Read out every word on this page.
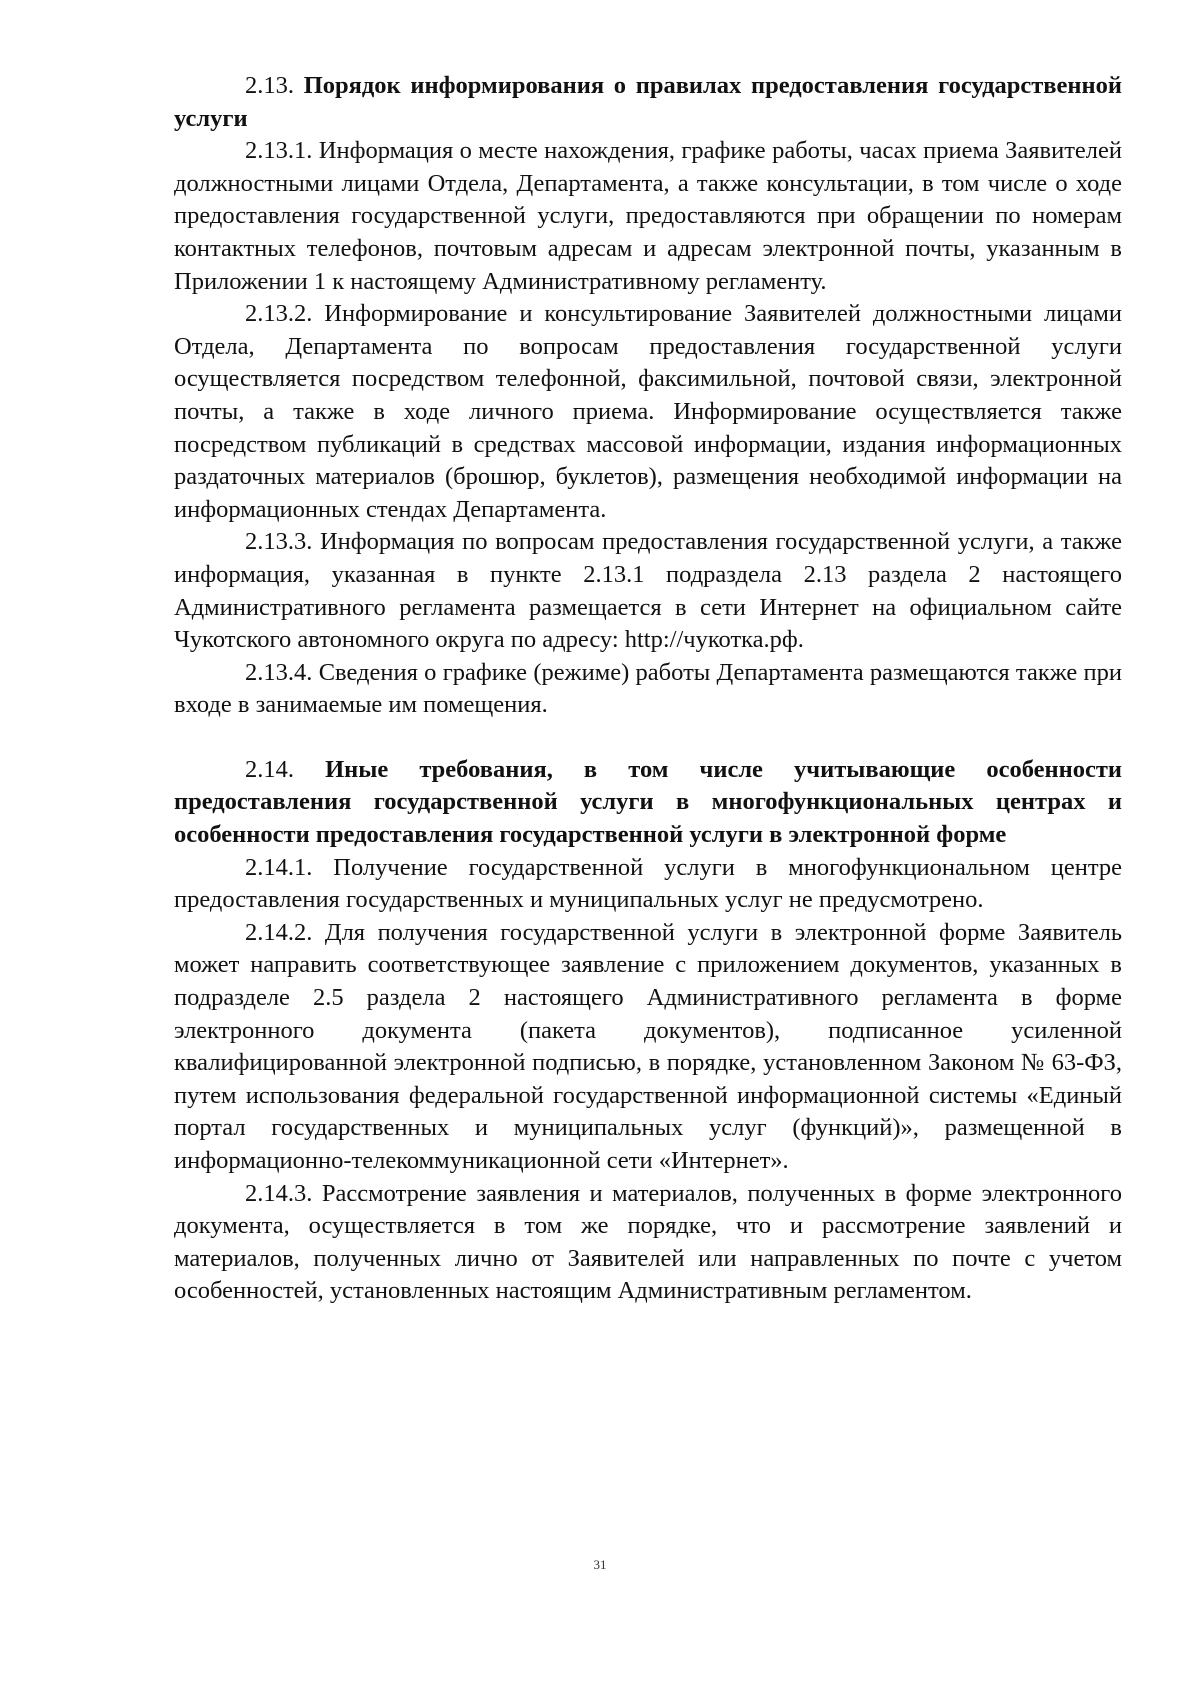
2.13. Порядок информирования о правилах предоставления государственной услуги

2.13.1. Информация о месте нахождения, графике работы, часах приема Заявителей должностными лицами Отдела, Департамента, а также консультации, в том числе о ходе предоставления государственной услуги, предоставляются при обращении по номерам контактных телефонов, почтовым адресам и адресам электронной почты, указанным в Приложении 1 к настоящему Административному регламенту.

2.13.2. Информирование и консультирование Заявителей должностными лицами Отдела, Департамента по вопросам предоставления государственной услуги осуществляется посредством телефонной, факсимильной, почтовой связи, электронной почты, а также в ходе личного приема. Информирование осуществляется также посредством публикаций в средствах массовой информации, издания информационных раздаточных материалов (брошюр, буклетов), размещения необходимой информации на информационных стендах Департамента.

2.13.3. Информация по вопросам предоставления государственной услуги, а также информация, указанная в пункте 2.13.1 подраздела 2.13 раздела 2 настоящего Административного регламента размещается в сети Интернет на официальном сайте Чукотского автономного округа по адресу: http://чукотка.рф.

2.13.4. Сведения о графике (режиме) работы Департамента размещаются также при входе в занимаемые им помещения.

2.14. Иные требования, в том числе учитывающие особенности предоставления государственной услуги в многофункциональных центрах и особенности предоставления государственной услуги в электронной форме

2.14.1. Получение государственной услуги в многофункциональном центре предоставления государственных и муниципальных услуг не предусмотрено.

2.14.2. Для получения государственной услуги в электронной форме Заявитель может направить соответствующее заявление с приложением документов, указанных в подразделе 2.5 раздела 2 настоящего Административного регламента в форме электронного документа (пакета документов), подписанное усиленной квалифицированной электронной подписью, в порядке, установленном Законом № 63-ФЗ, путем использования федеральной государственной информационной системы «Единый портал государственных и муниципальных услуг (функций)», размещенной в информационно-телекоммуникационной сети «Интернет».

2.14.3. Рассмотрение заявления и материалов, полученных в форме электронного документа, осуществляется в том же порядке, что и рассмотрение заявлений и материалов, полученных лично от Заявителей или направленных по почте с учетом особенностей, установленных настоящим Административным регламентом.

31
